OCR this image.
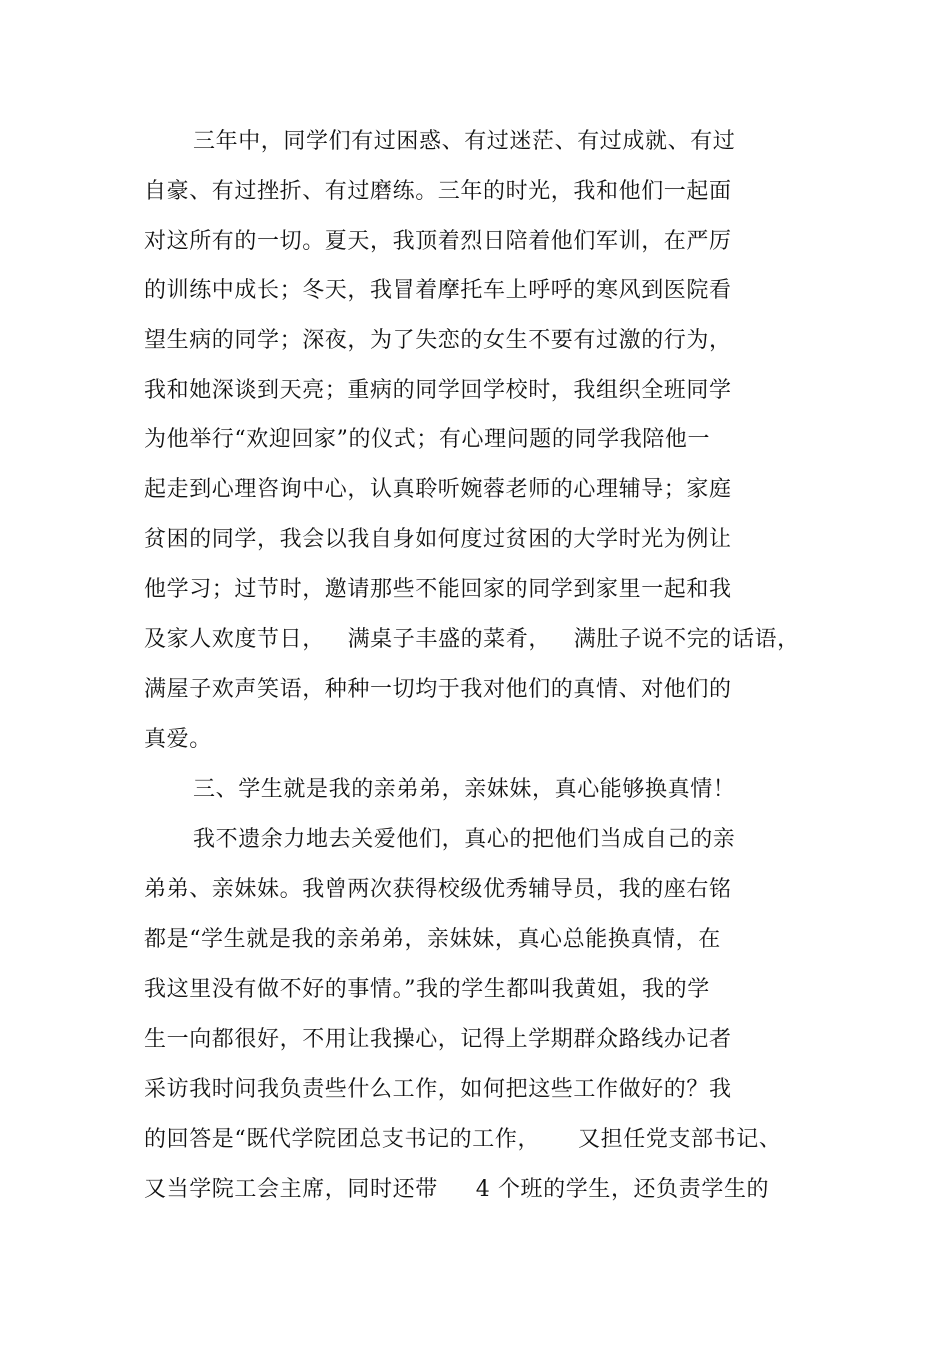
三年中，同学们有过困惑、有过迷茫、有过成就、有过
自豪、有过挫折、有过磨练。三年的时光，我和他们一起面
对这所有的一切。夏天，我顶着烈日陪着他们军训，在严厉
的训练中成长；冬天，我冒着摩托车上呼呼的寒风到医院看
望生病的同学；深夜，为了失恋的女生不要有过激的行为，
我和她深谈到天亮；重病的同学回学校时，我组织全班同学
为他举行“欢迎回家”的仪式；有心理问题的同学我陪他一
起走到心理咨询中心，认真聆听婉蓉老师的心理辅导；家庭
贫困的同学，我会以我自身如何度过贫困的大学时光为例让
他学习；过节时，邀请那些不能回家的同学到家里一起和我
及家人欢度节日，   满桌子丰盛的菜肴，   满肚子说不完的话语，
满屋子欢声笑语，种种一切均于我对他们的真情、对他们的
真爱。
三、学生就是我的亲弟弟，亲妹妹，真心能够换真情！
我不遗余力地去关爱他们，真心的把他们当成自己的亲
弟弟、亲妹妹。我曾两次获得校级优秀辅导员，我的座右铭
都是“学生就是我的亲弟弟，亲妹妹，真心总能换真情，在
我这里没有做不好的事情。”我的学生都叫我黄姐，我的学
生一向都很好，不用让我操心，记得上学期群众路线办记者
采访我时问我负责些什么工作，如何把这些工作做好的？我
的回答是“既代学院团总支书记的工作，     又担任党支部书记、
又当学院工会主席，同时还带     4 个班的学生，还负责学生的
